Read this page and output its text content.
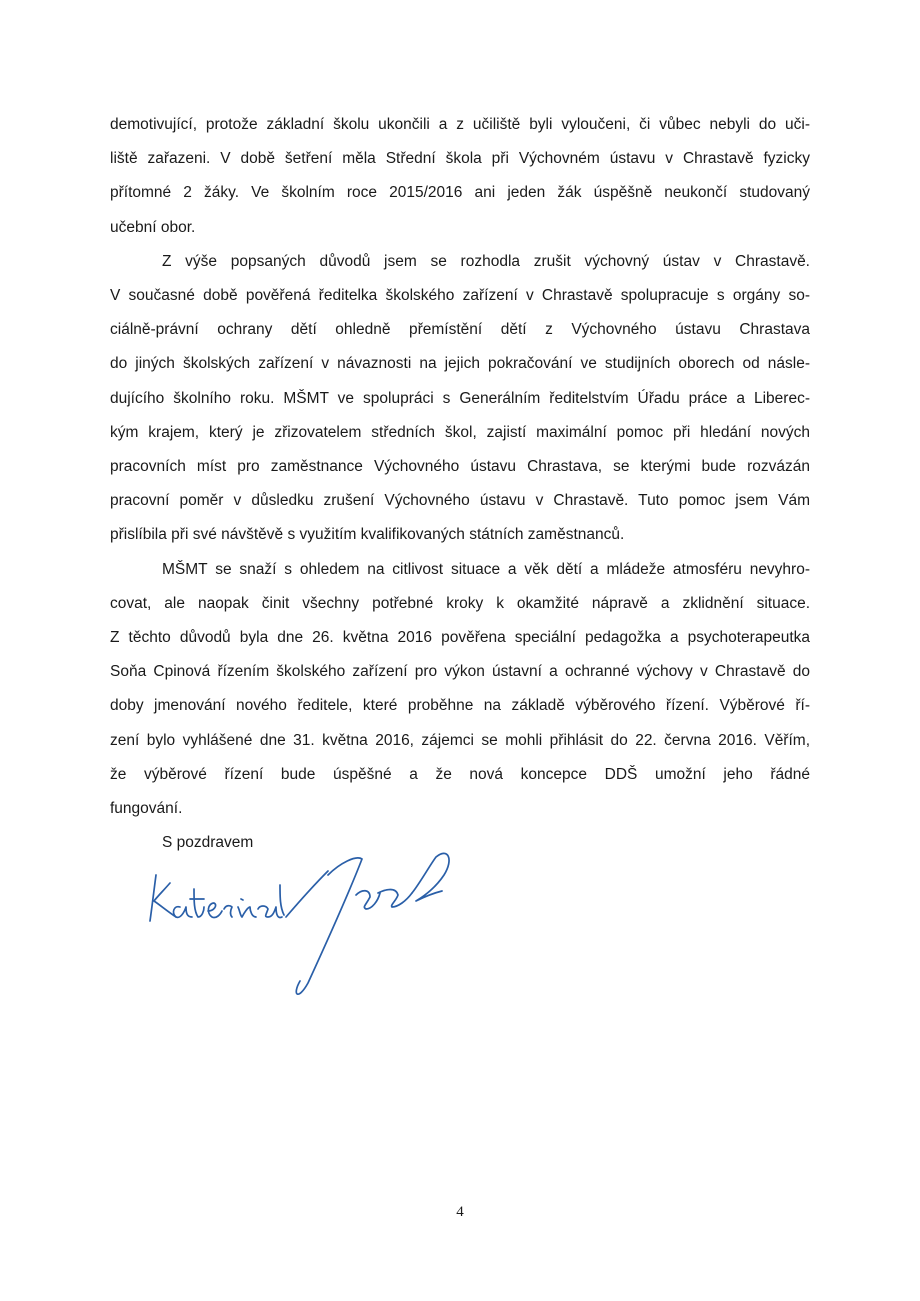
demotivující, protože základní školu ukončili a z učiliště byli vyloučeni, či vůbec nebyli do uči-
liště zařazeni. V době šetření měla Střední škola při Výchovném ústavu v Chrastavě fyzicky
přítomné 2 žáky. Ve školním roce 2015/2016 ani jeden žák úspěšně neukončí studovaný
učební obor.

Z výše popsaných důvodů jsem se rozhodla zrušit výchovný ústav v Chrastavě.
V současné době pověřená ředitelka školského zařízení v Chrastavě spolupracuje s orgány so-
ciálně-právní ochrany dětí ohledně přemístění dětí z Výchovného ústavu Chrastava
do jiných školských zařízení v návaznosti na jejich pokračování ve studijních oborech od násle-
dujícího školního roku. MŠMT ve spolupráci s Generálním ředitelstvím Úřadu práce a Liberec-
kým krajem, který je zřizovatelem středních škol, zajistí maximální pomoc při hledání nových
pracovních míst pro zaměstnance Výchovného ústavu Chrastava, se kterými bude rozvázán
pracovní poměr v důsledku zrušení Výchovného ústavu v Chrastavě. Tuto pomoc jsem Vám
přislíbila při své návštěvě s využitím kvalifikovaných státních zaměstnanců.

MŠMT se snaží s ohledem na citlivost situace a věk dětí a mládeže atmosféru nevyhro-
covat, ale naopak činit všechny potřebné kroky k okamžité nápravě a zklidnění situace.
Z těchto důvodů byla dne 26. května 2016 pověřena speciální pedagožka a psychoterapeutka
Soňa Cpinová řízením školského zařízení pro výkon ústavní a ochranné výchovy v Chrastavě do
doby jmenování nového ředitele, které proběhne na základě výběrového řízení. Výběrové ří-
zení bylo vyhlášené dne 31. května 2016, zájemci se mohli přihlásit do 22. června 2016. Věřím,
že výběrové řízení bude úspěšné a že nová koncepce DDŠ umožní jeho řádné
fungování.

S pozdravem

4
